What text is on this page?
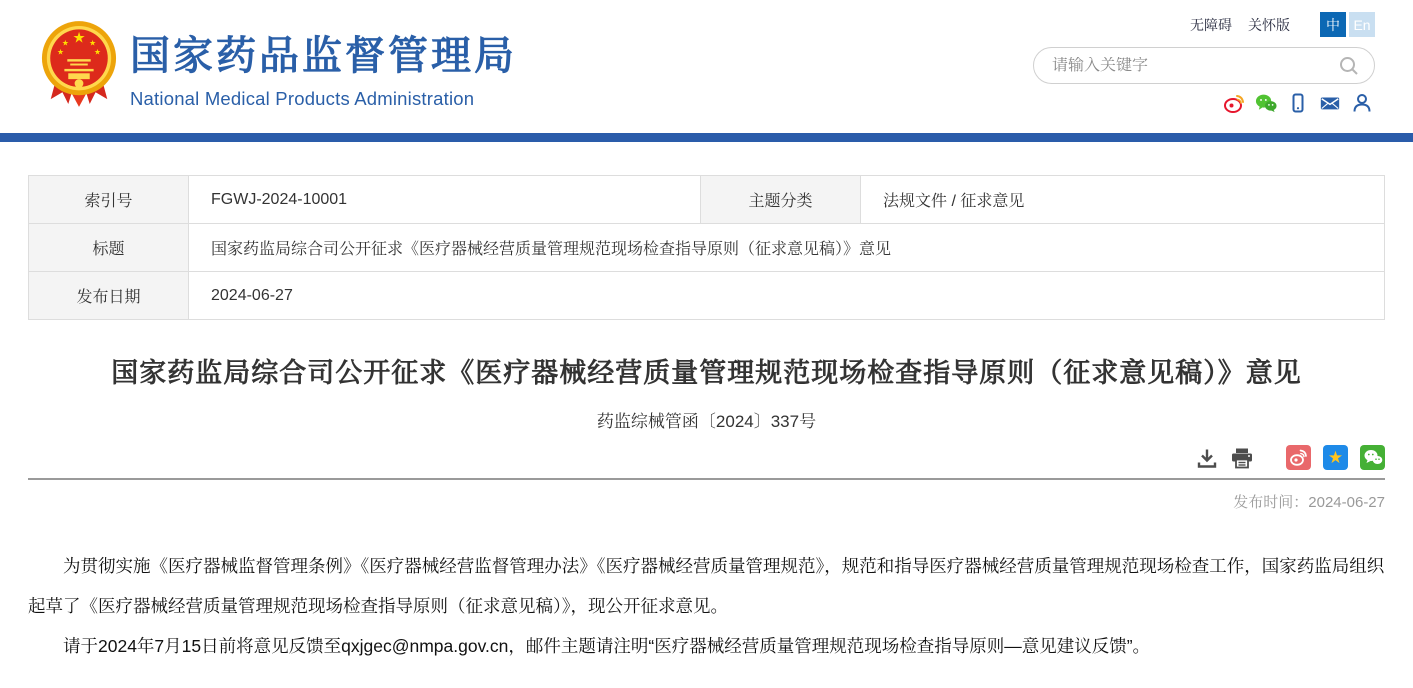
★
★
★
★
★ 国家药品监督管理局
National Medical Products Administration
无障碍 关怀版	中 En
请输入关键字
索引号	FGWJ-2024-10001	主题分类	法规文件 / 征求意见
标题	国家药监局综合司公开征求《医疗器械经营质量管理规范现场检查指导原则（征求意见稿）》意见		
发布日期	2024-06-27		
国家药监局综合司公开征求《医疗器械经营质量管理规范现场检查指导原则（征求意见稿）》意见
药监综械管函〔2024〕337号
★
发布时间：2024-06-27

为贯彻实施《医疗器械监督管理条例》《医疗器械经营监督管理办法》《医疗器械经营质量管理规范》，规范和指导医疗器械经营质量管理规范现场检查工作，国家药监局组织起草了《医疗器械经营质量管理规范现场检查指导原则（征求意见稿）》，现公开征求意见。

请于2024年7月15日前将意见反馈至qxjgec@nmpa.gov.cn，邮件主题请注明“医疗器械经营质量管理规范现场检查指导原则—意见建议反馈”。
